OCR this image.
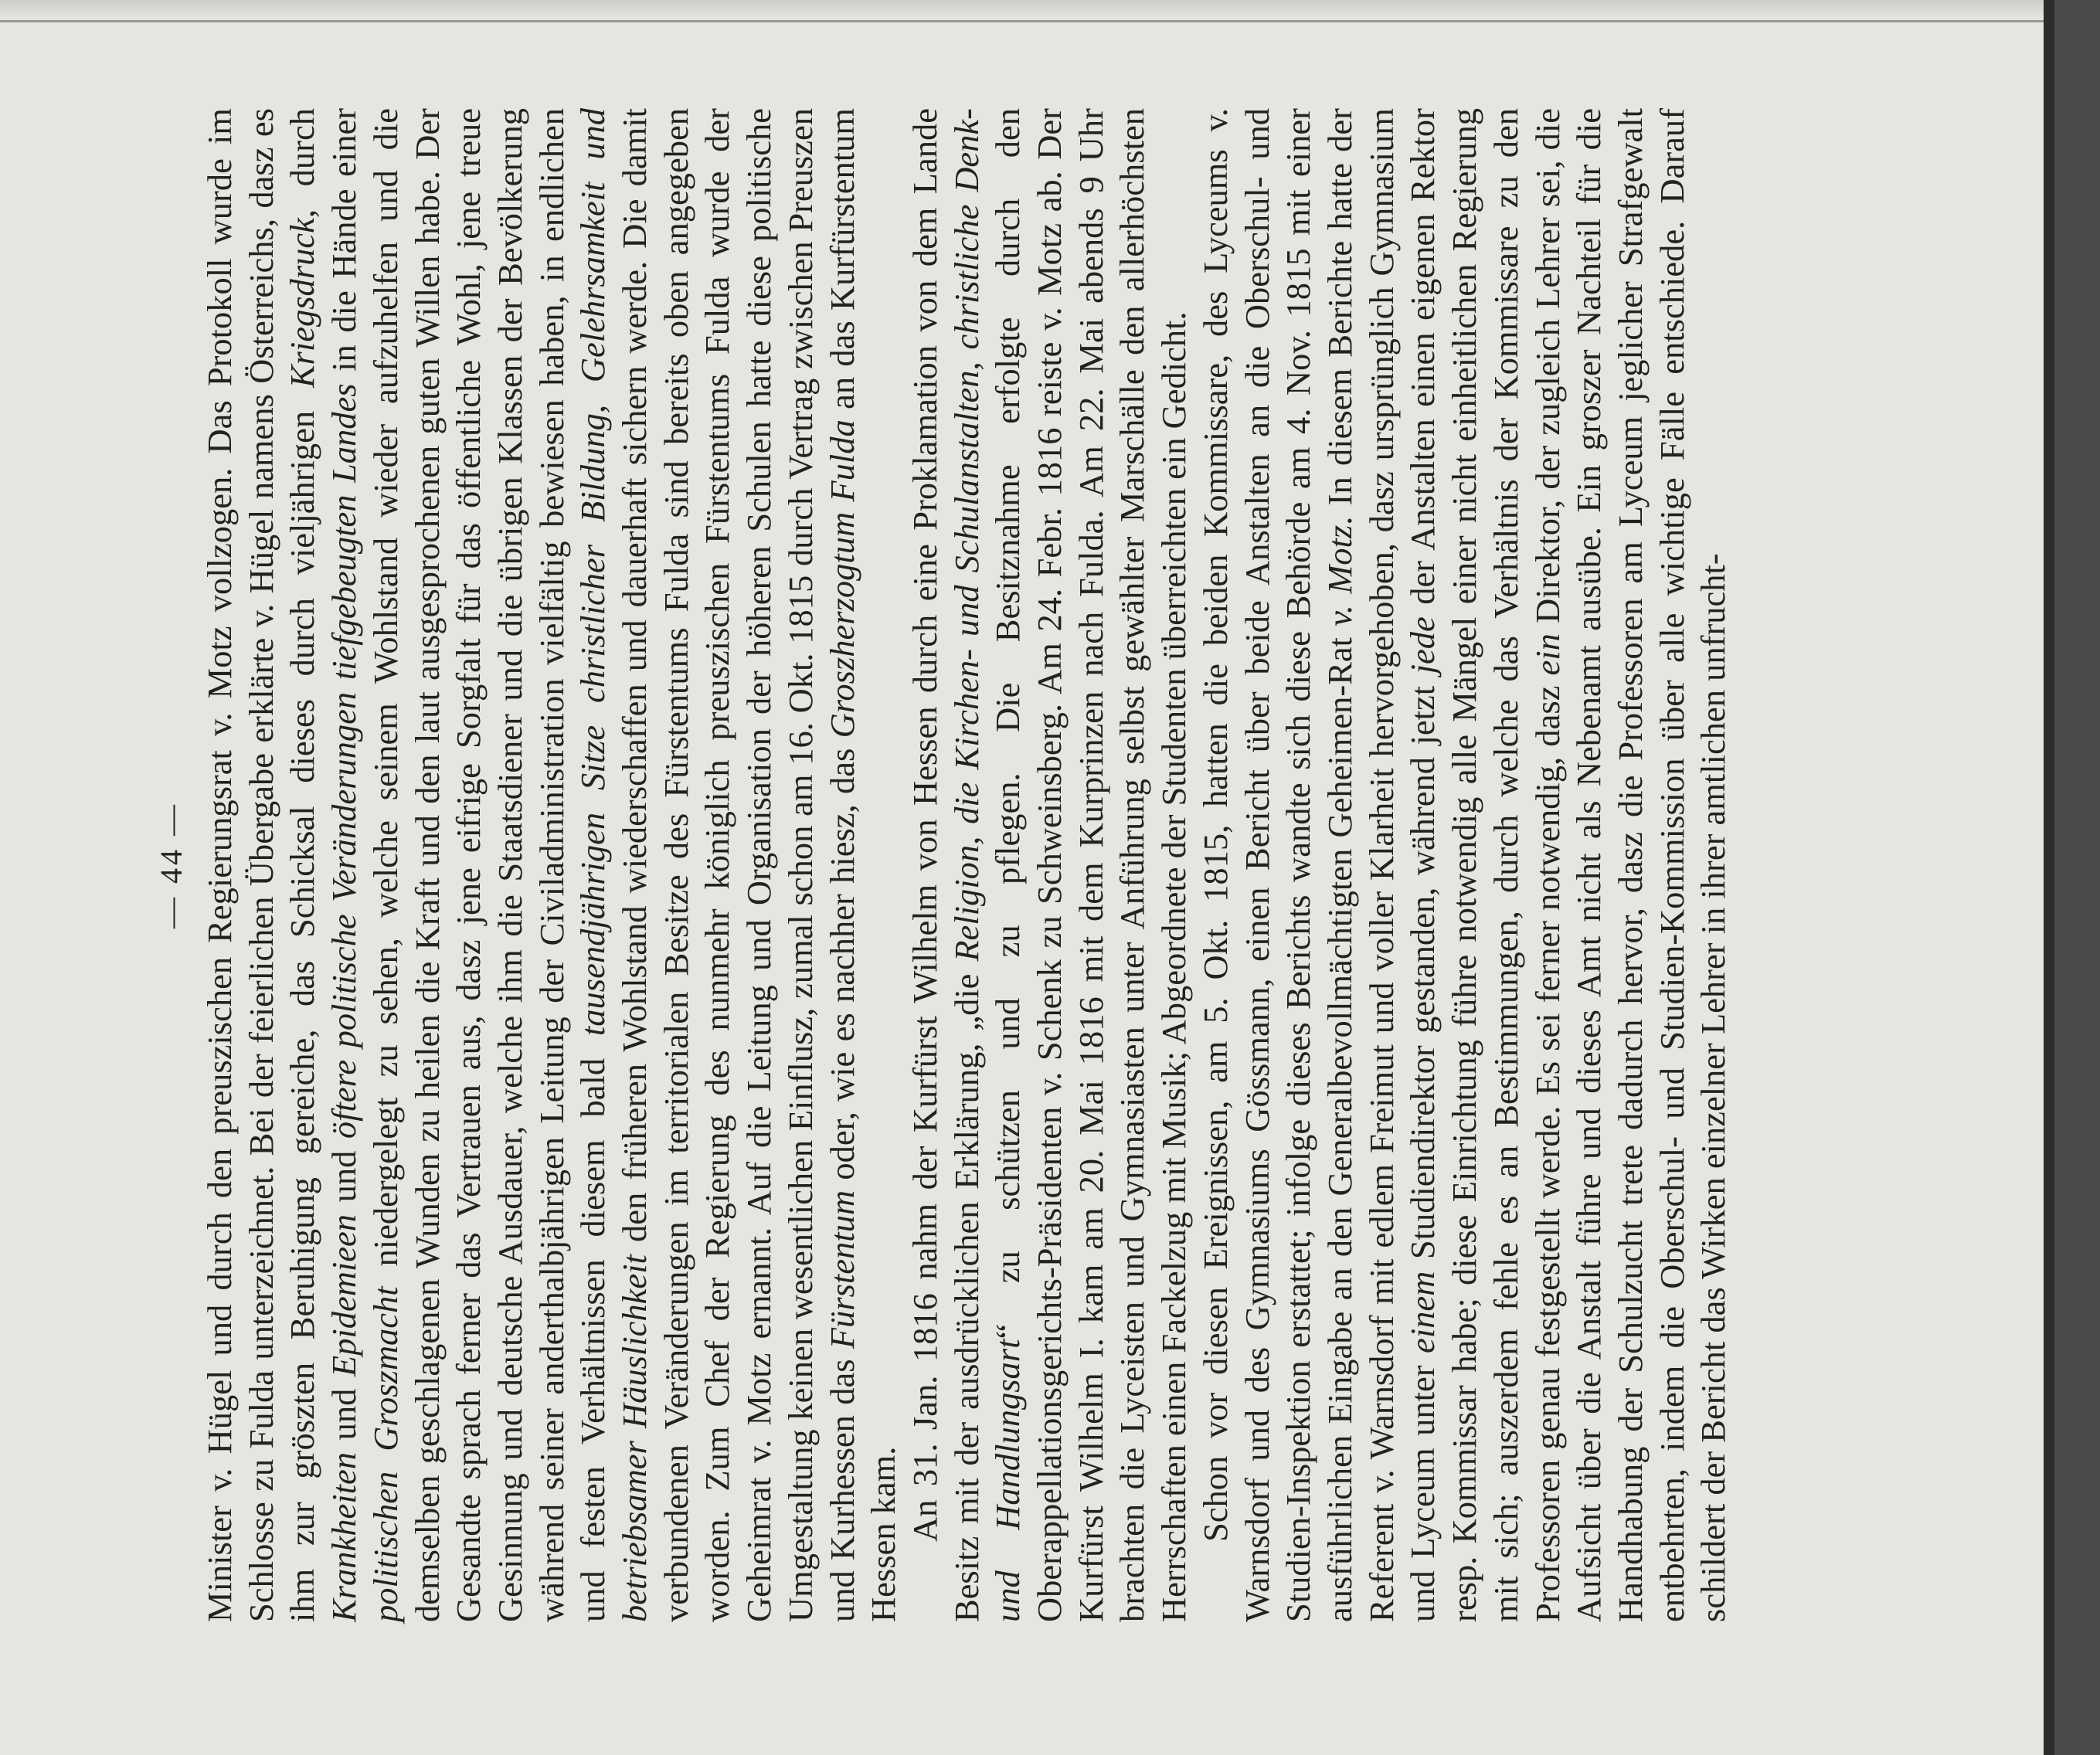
— 44 — Minister v. Hügel und durch den preuszischen Regierungsrat v. Motz vollzogen. Das Protokoll wurde im Schlosse zu Fulda unterzeichnet. Bei der feierlichen Übergabe erklärte v. Hügel namens Österreichs, dasz es ihm zur gröszten Beruhigung gereiche, das Schicksal dieses durch vieljährigen Kriegsdruck, durch Krankheiten und Epidemieen und öftere politische Veränderungen tiefgebeugten Landes in die Hände einer politischen Groszmacht niedergelegt zu sehen, welche seinem Wohlstand wieder aufzuhelfen und die demselben geschlagenen Wunden zu heilen die Kraft und den laut ausgesprochenen guten Willen habe. Der Gesandte sprach ferner das Vertrauen aus, dasz jene eifrige Sorgfalt für das öffentliche Wohl, jene treue Gesinnung und deutsche Ausdauer, welche ihm die Staatsdiener und die übrigen Klassen der Bevölkerung während seiner anderthalbjährigen Leitung der Civiladministration vielfältig bewiesen haben, in endlichen und festen Verhältnissen diesem bald tausendjährigen Sitze christlicher Bildung, Gelehrsamkeit und betriebsamer Häuslichkeit den früheren Wohlstand wiederschaffen und dauerhaft sichern werde. Die damit verbundenen Veränderungen im territorialen Besitze des Fürstentums Fulda sind bereits oben angegeben worden. Zum Chef der Regierung des nunmehr königlich preuszischen Fürstentums Fulda wurde der Geheimrat v. Motz ernannt. Auf die Leitung und Organisation der höheren Schulen hatte diese politische Umgestaltung keinen wesentlichen Einflusz, zumal schon am 16. Okt. 1815 durch Vertrag zwischen Preuszen und Kurhessen das Fürstentum oder, wie es nachher hiesz, das Groszherzogtum Fulda an das Kurfürstentum Hessen kam. An 31. Jan. 1816 nahm der Kurfürst Wilhelm von Hessen durch eine Proklamation von dem Lande Besitz mit der ausdrücklichen Erklärung, „die Religion, die Kirchen- und Schulanstalten, christliche Denk- und Handlungsart“ zu schützen und zu pflegen. Die Besitznahme erfolgte durch den Oberappellationsgerichts-Präsidenten v. Schenk zu Schweinsberg. Am 24. Febr. 1816 reiste v. Motz ab. Der Kurfürst Wilhelm I. kam am 20. Mai 1816 mit dem Kurprinzen nach Fulda. Am 22. Mai abends 9 Uhr brachten die Lyceisten und Gymnasiasten unter Anführung selbst gewählter Marschälle den allerhöchsten Herrschaften einen Fackelzug mit Musik; Abgeordnete der Studenten überreichten ein Gedicht. Schon vor diesen Ereignissen, am 5. Okt. 1815, hatten die beiden Kommissare, des Lyceums v. Warnsdorf und des Gymnasiums Gössmann, einen Bericht über beide Anstalten an die Oberschul- und Studien-Inspektion erstattet; infolge dieses Berichts wandte sich diese Behörde am 4. Nov. 1815 mit einer ausführlichen Eingabe an den Generalbevollmächtigten Geheimen-Rat v. Motz. In diesem Berichte hatte der Referent v. Warnsdorf mit edlem Freimut und voller Klarheit hervorgehoben, dasz ursprünglich Gymnasium und Lyceum unter einem Studiendirektor gestanden, während jetzt jede der Anstalten einen eigenen Rektor resp. Kommissar habe; diese Einrichtung führe notwendig alle Mängel einer nicht einheitlichen Regierung mit sich; auszerdem fehle es an Bestimmungen, durch welche das Verhältnis der Kommissare zu den Professoren genau festgestellt werde. Es sei ferner notwendig, dasz ein Direktor, der zugleich Lehrer sei, die Aufsicht über die Anstalt führe und dieses Amt nicht als Nebenamt ausübe. Ein groszer Nachteil für die Handhabung der Schulzucht trete dadurch hervor, dasz die Professoren am Lyceum jeglicher Strafgewalt entbehrten, indem die Oberschul- und Studien-Kommission über alle wichtige Fälle entschiede. Darauf schildert der Bericht das Wirken einzelner Lehrer in ihrer amtlichen unfrucht-
